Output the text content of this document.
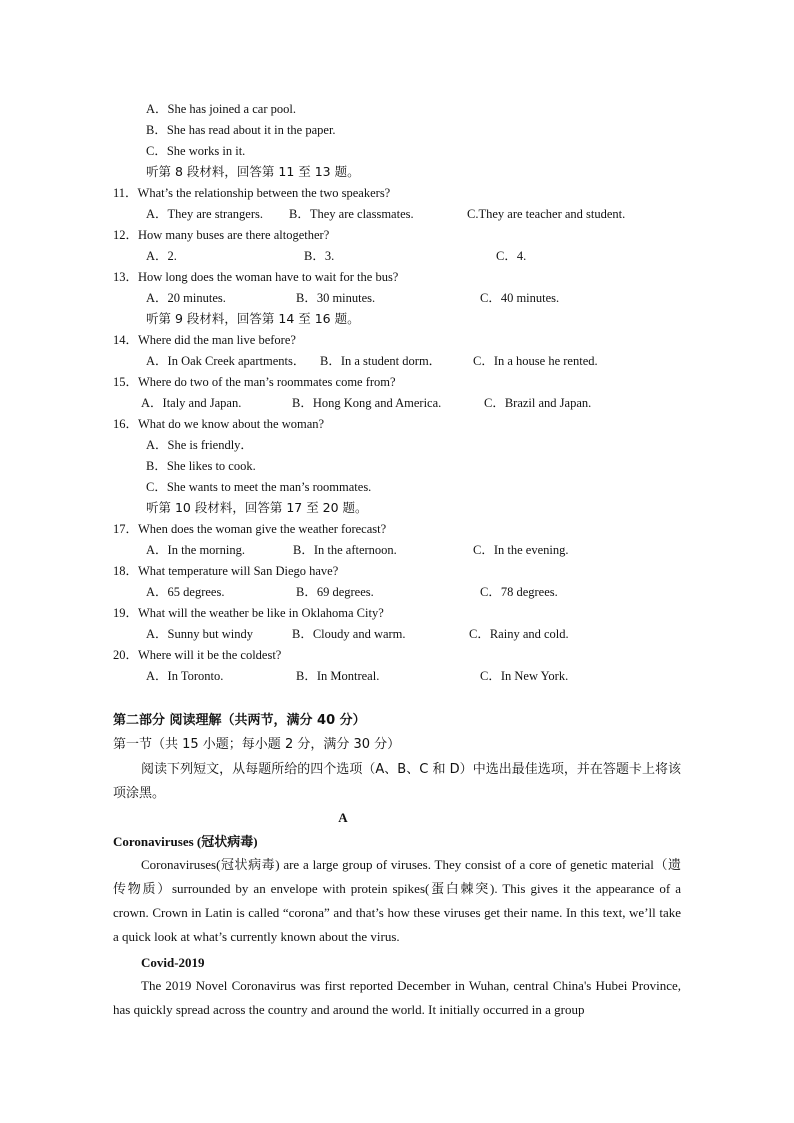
A．She has joined a car pool.
B．She has read about it in the paper.
C．She works in it.
听第 8 段材料，回答第 11 至 13 题。
11．What’s the relationship between the two speakers?
A．They are strangers. B．They are classmates.	C.They are teacher and student.
12．How many buses are there altogether?
A．2.	B．3.	C．4.
13．How long does the woman have to wait for the bus?
A．20 minutes.	B．30 minutes.	C．40 minutes.
听第 9 段材料，回答第 14 至 16 题。
14．Where did the man live before?
A．In Oak Creek apartments． B．In a student dorm．	C．In a house he rented.
15．Where do two of the man’s roommates come from?
A．Italy and Japan.	B．Hong Kong and America.	C．Brazil and Japan.
16．What do we know about the woman?
A．She is friendly．
B．She likes to cook.
C．She wants to meet the man’s roommates.
听第 10 段材料，回答第 17 至 20 题。
17．When does the woman give the weather forecast?
A．In the morning.	B．In the afternoon.	C．In the evening.
18．What temperature will San Diego have?
A．65 degrees.	B．69 degrees.	C．78 degrees.
19．What will the weather be like in Oklahoma City?
A．Sunny but windy	B．Cloudy and warm.	C．Rainy and cold.
20．Where will it be the coldest?
A．In Toronto.	B．In Montreal.	C．In New York.
第二部分 阅读理解（共两节，满分 40 分）
第一节（共 15 小题；每小题 2 分，满分 30 分）
阅读下列短文，从每题所给的四个选项（A、B、C 和 D）中选出最佳选项，并在答题卡上将该项涂黑。
A
Coronaviruses (冠状病毒)
Coronaviruses(冠状病毒) are a large group of viruses. They consist of a core of genetic material（遗传物质）surrounded by an envelope with protein spikes(蛋白棘突). This gives it the appearance of a crown. Crown in Latin is called “corona” and that’s how these viruses get their name. In this text, we’ll take a quick look at what’s currently known about the virus.
Covid-2019
The 2019 Novel Coronavirus was first reported December in Wuhan, central China's Hubei Province, has quickly spread across the country and around the world. It initially occurred in a group
